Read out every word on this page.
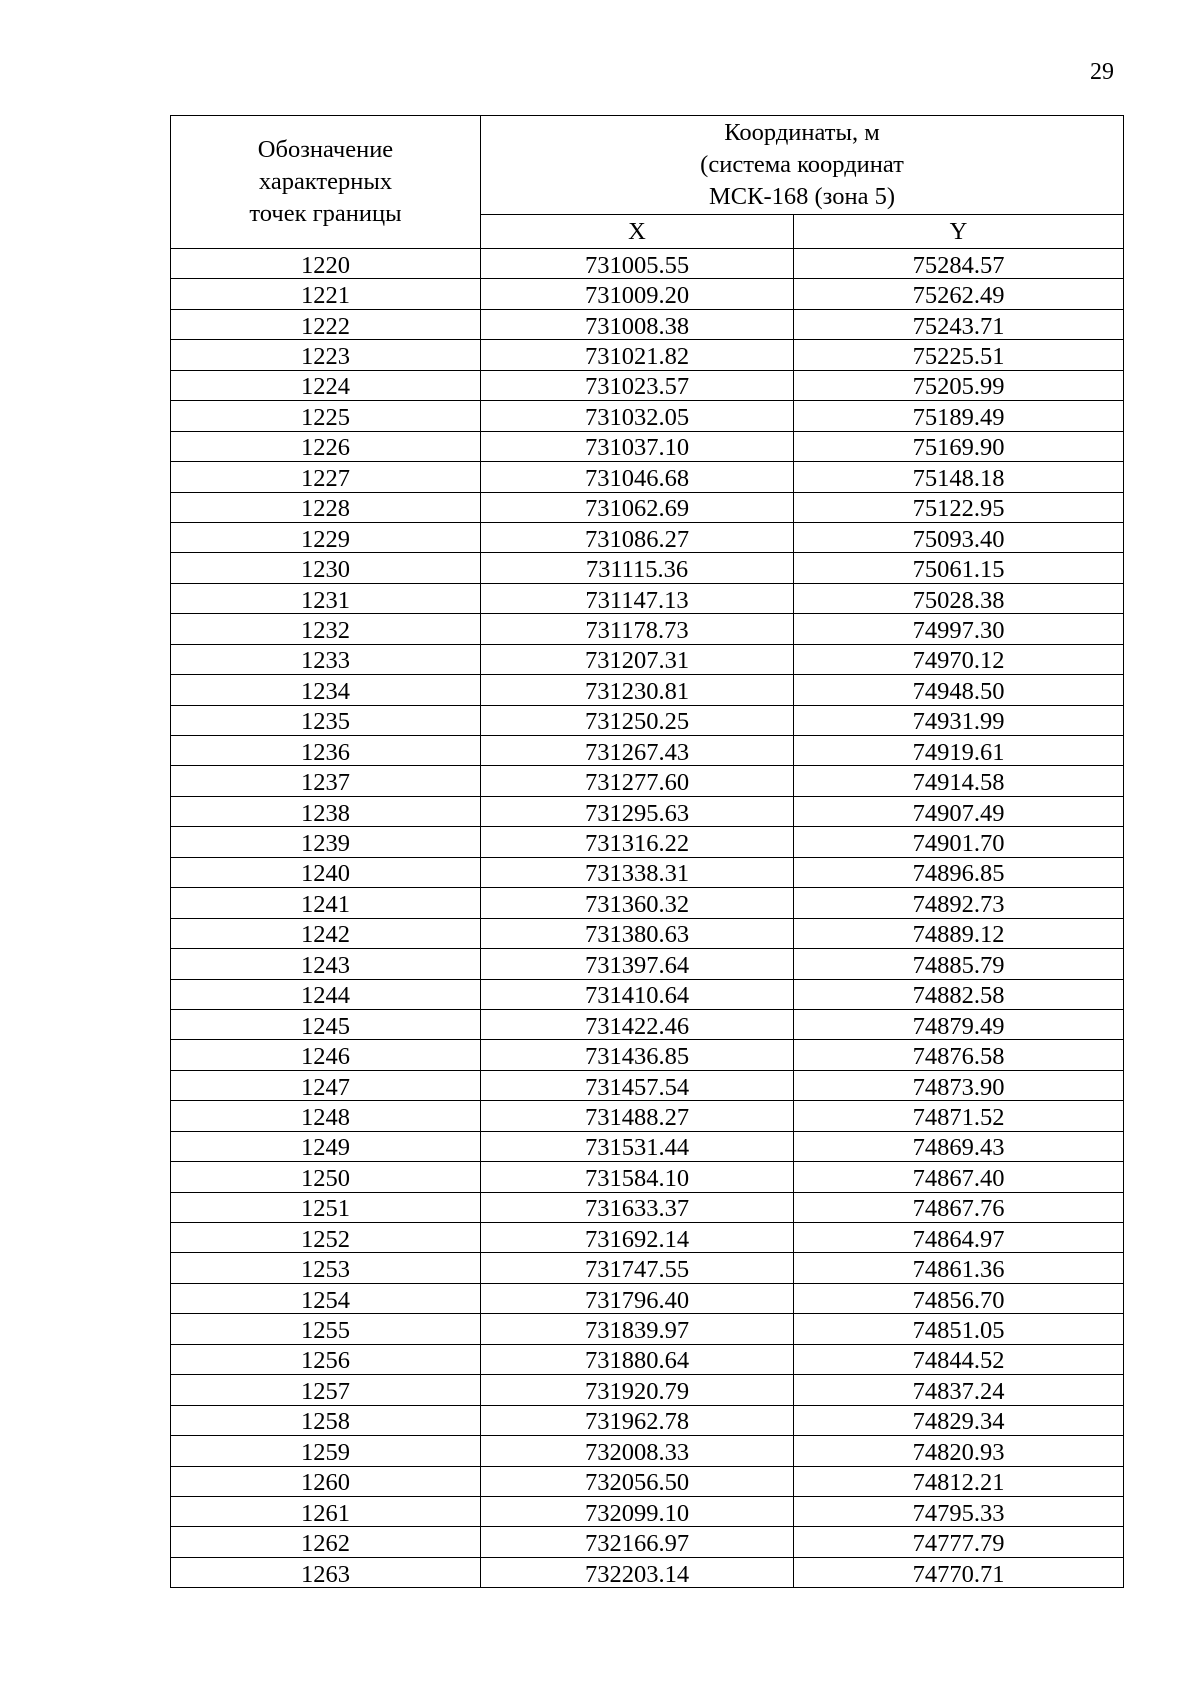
29
Обозначение
характерных
точек границы	Координаты, м
(система координат
МСК-168 (зона 5)	
	X	Y
1220	731005.55	75284.57
1221	731009.20	75262.49
1222	731008.38	75243.71
1223	731021.82	75225.51
1224	731023.57	75205.99
1225	731032.05	75189.49
1226	731037.10	75169.90
1227	731046.68	75148.18
1228	731062.69	75122.95
1229	731086.27	75093.40
1230	731115.36	75061.15
1231	731147.13	75028.38
1232	731178.73	74997.30
1233	731207.31	74970.12
1234	731230.81	74948.50
1235	731250.25	74931.99
1236	731267.43	74919.61
1237	731277.60	74914.58
1238	731295.63	74907.49
1239	731316.22	74901.70
1240	731338.31	74896.85
1241	731360.32	74892.73
1242	731380.63	74889.12
1243	731397.64	74885.79
1244	731410.64	74882.58
1245	731422.46	74879.49
1246	731436.85	74876.58
1247	731457.54	74873.90
1248	731488.27	74871.52
1249	731531.44	74869.43
1250	731584.10	74867.40
1251	731633.37	74867.76
1252	731692.14	74864.97
1253	731747.55	74861.36
1254	731796.40	74856.70
1255	731839.97	74851.05
1256	731880.64	74844.52
1257	731920.79	74837.24
1258	731962.78	74829.34
1259	732008.33	74820.93
1260	732056.50	74812.21
1261	732099.10	74795.33
1262	732166.97	74777.79
1263	732203.14	74770.71
